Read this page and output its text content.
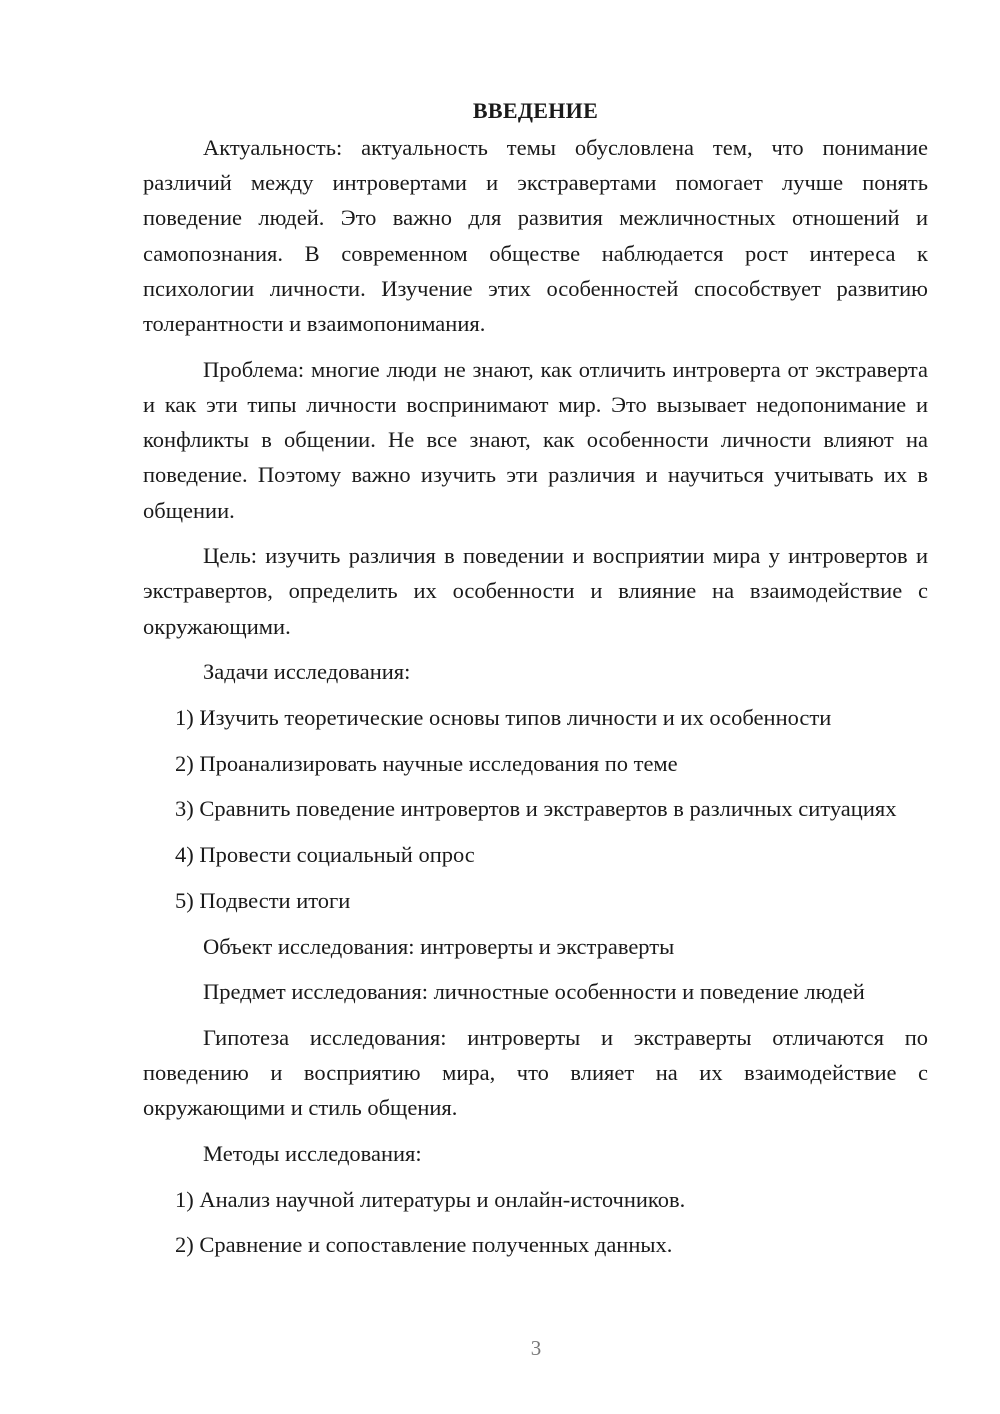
ВВЕДЕНИЕ

Актуальность: актуальность темы обусловлена тем, что понимание различий между интровертами и экстравертами помогает лучше понять поведение людей. Это важно для развития межличностных отношений и самопознания. В современном обществе наблюдается рост интереса к психологии личности. Изучение этих особенностей способствует развитию толерантности и взаимопонимания.

Проблема: многие люди не знают, как отличить интроверта от экстраверта и как эти типы личности воспринимают мир. Это вызывает недопонимание и конфликты в общении. Не все знают, как особенности личности влияют на поведение. Поэтому важно изучить эти различия и научиться учитывать их в общении.

Цель: изучить различия в поведении и восприятии мира у интровертов и экстравертов, определить их особенности и влияние на взаимодействие с окружающими.

Задачи исследования:
1) Изучить теоретические основы типов личности и их особенности
2) Проанализировать научные исследования по теме

3) Сравнить поведение интровертов и экстравертов в различных ситуациях

4) Провести социальный опрос
5) Подвести итоги
Объект исследования: интроверты и экстраверты
Предмет исследования: личностные особенности и поведение людей

Гипотеза исследования: интроверты и экстраверты отличаются по поведению и восприятию мира, что влияет на их взаимодействие с окружающими и стиль общения.

Методы исследования:
1) Анализ научной литературы и онлайн-источников.
2) Сравнение и сопоставление полученных данных.
3
